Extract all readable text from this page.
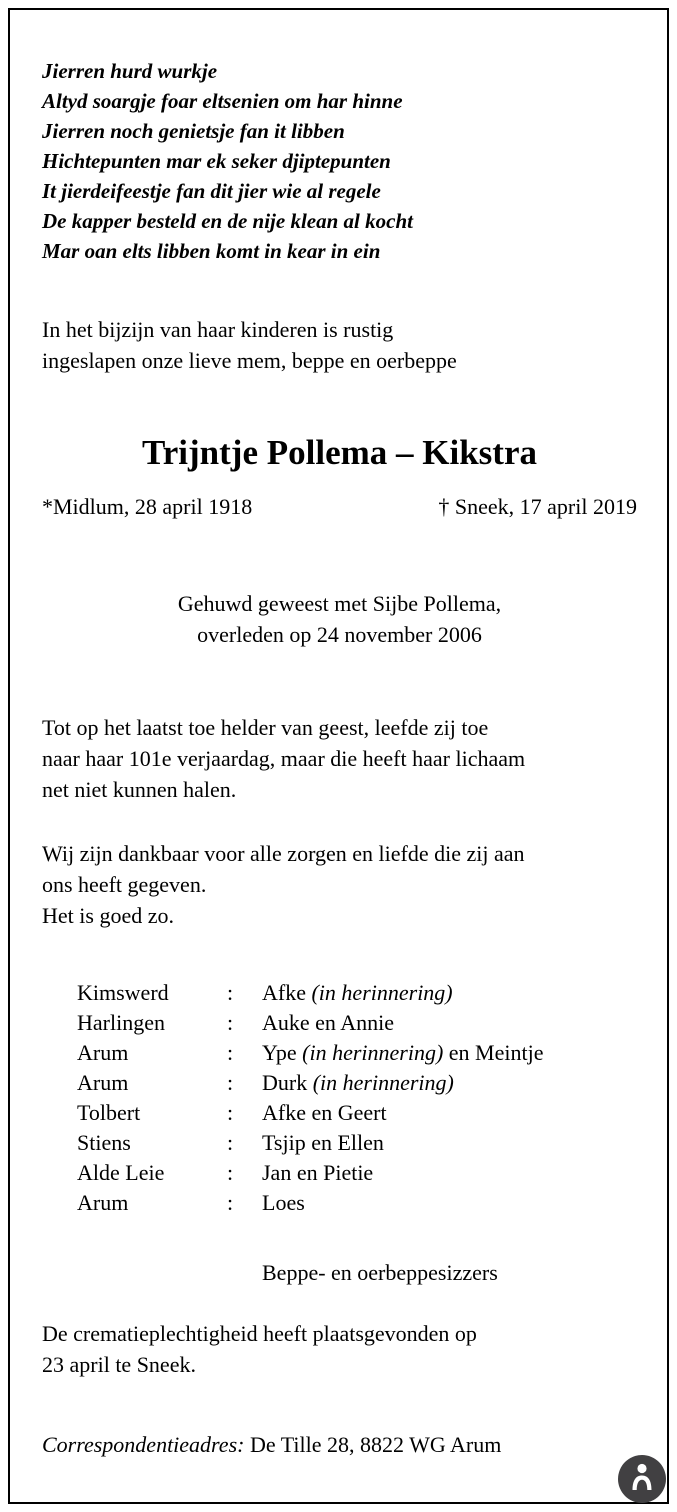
Jierren hurd wurkje
Altyd soargje foar eltsenien om har hinne
Jierren noch genietsje fan it libben
Hichtepunten mar ek seker djiptepunten
It jierdeifeestje fan dit jier wie al regele
De kapper besteld en de nije klean al kocht
Mar oan elts libben komt in kear in ein
In het bijzijn van haar kinderen is rustig
ingeslapen onze lieve mem, beppe en oerbeppe
Trijntje Pollema – Kikstra
*Midlum, 28 april 1918	† Sneek, 17 april 2019
Gehuwd geweest met Sijbe Pollema,
overleden op 24 november 2006
Tot op het laatst toe helder van geest, leefde zij toe
naar haar 101e verjaardag, maar die heeft haar lichaam
net niet kunnen halen.
Wij zijn dankbaar voor alle zorgen en liefde die zij aan
ons heeft gegeven.
Het is goed zo.
Kimswerd	:	Afke (in herinnering)
Harlingen	:	Auke en Annie
Arum	:	Ype (in herinnering) en Meintje
Arum	:	Durk (in herinnering)
Tolbert	:	Afke en Geert
Stiens	:	Tsjip en Ellen
Alde Leie	:	Jan en Pietie
Arum	:	Loes
Beppe- en oerbeppesizzers
De crematieplechtigheid heeft plaatsgevonden op
23 april te Sneek.
Correspondentieadres: De Tille 28, 8822 WG Arum
